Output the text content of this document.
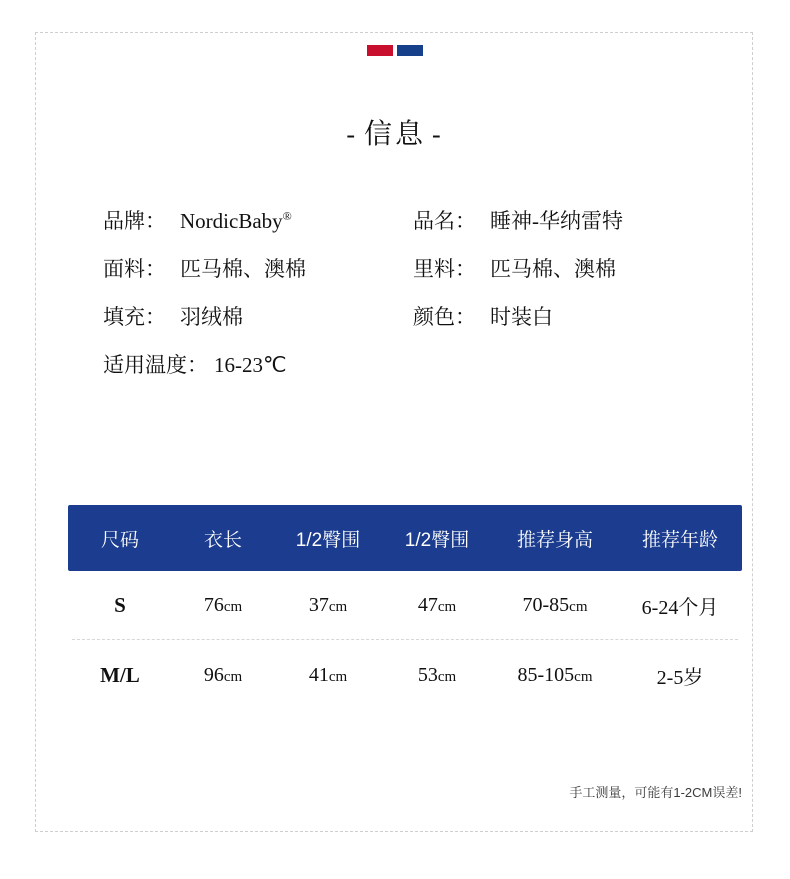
- 信息 -
品牌： NordicBaby®	品名： 睡神-华纳雷特
面料： 匹马棉、澳棉	里料： 匹马棉、澳棉
填充： 羽绒棉	颜色： 时装白
适用温度： 16-23℃
尺码	衣长	1/2臀围	1/2臀围	推荐身高	推荐年龄
S	76cm	37cm	47cm	70-85cm	6-24个月
M/L	96cm	41cm	53cm	85-105cm	2-5岁
手工测量，可能有1-2CM误差!
